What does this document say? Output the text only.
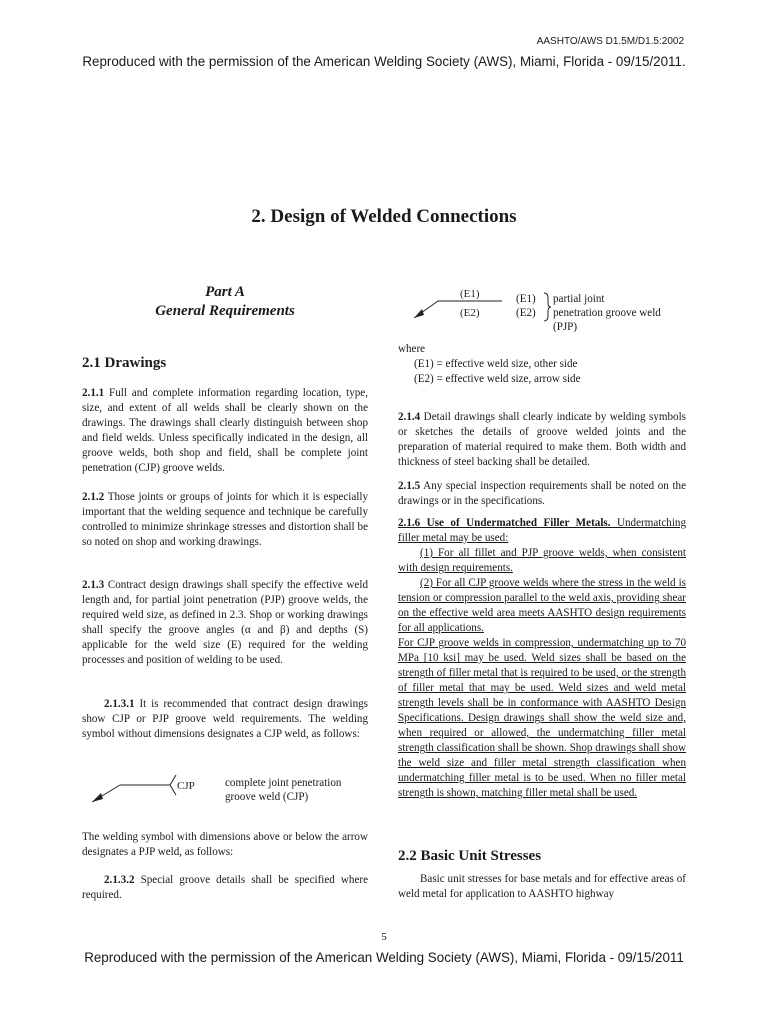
AASHTO/AWS D1.5M/D1.5:2002
Reproduced with the permission of the American Welding Society (AWS), Miami, Florida - 09/15/2011.
2. Design of Welded Connections
Part A
General Requirements
2.1 Drawings

2.1.1 Full and complete information regarding location, type, size, and extent of all welds shall be clearly shown on the drawings. The drawings shall clearly distinguish between shop and field welds. Unless specifically indicated in the design, all groove welds, both shop and field, shall be complete joint penetration (CJP) groove welds.

2.1.2 Those joints or groups of joints for which it is especially important that the welding sequence and technique be carefully controlled to minimize shrinkage stresses and distortion shall be so noted on shop and working drawings.

2.1.3 Contract design drawings shall specify the effective weld length and, for partial joint penetration (PJP) groove welds, the required weld size, as defined in 2.3. Shop or working drawings shall specify the groove angles (α and β) and depths (S) applicable for the weld size (E) required for the welding processes and position of welding to be used.

2.1.3.1 It is recommended that contract design drawings show CJP or PJP groove weld requirements. The welding symbol without dimensions designates a CJP weld, as follows:

CJP	complete joint penetration
groove weld (CJP)

The welding symbol with dimensions above or below the arrow designates a PJP weld, as follows:

2.1.3.2 Special groove details shall be specified where required.

(E1)
(E2)
(E1)
(E2)
partial joint
penetration groove weld
(PJP)
where
(E1) = effective weld size, other side
(E2) = effective weld size, arrow side

2.1.4 Detail drawings shall clearly indicate by welding symbols or sketches the details of groove welded joints and the preparation of material required to make them. Both width and thickness of steel backing shall be detailed.

2.1.5 Any special inspection requirements shall be noted on the drawings or in the specifications.

2.1.6 Use of Undermatched Filler Metals. Undermatching filler metal may be used:

(1) For all fillet and PJP groove welds, when consistent with design requirements.

(2) For all CJP groove welds where the stress in the weld is tension or compression parallel to the weld axis, providing shear on the effective weld area meets AASHTO design requirements for all applications.

For CJP groove welds in compression, undermatching up to 70 MPa [10 ksi] may be used. Weld sizes shall be based on the strength of filler metal that is required to be used, or the strength of filler metal that may be used. Weld sizes and weld metal strength levels shall be in conformance with AASHTO Design Specifications. Design drawings shall show the weld size and, when required or allowed, the undermatching filler metal strength classification shall be shown. Shop drawings shall show the weld size and filler metal strength classification when undermatching filler metal is to be used. When no filler metal strength is shown, matching filler metal shall be used.

2.2 Basic Unit Stresses

Basic unit stresses for base metals and for effective areas of weld metal for application to AASHTO highway

5
Reproduced with the permission of the American Welding Society (AWS), Miami, Florida - 09/15/2011
